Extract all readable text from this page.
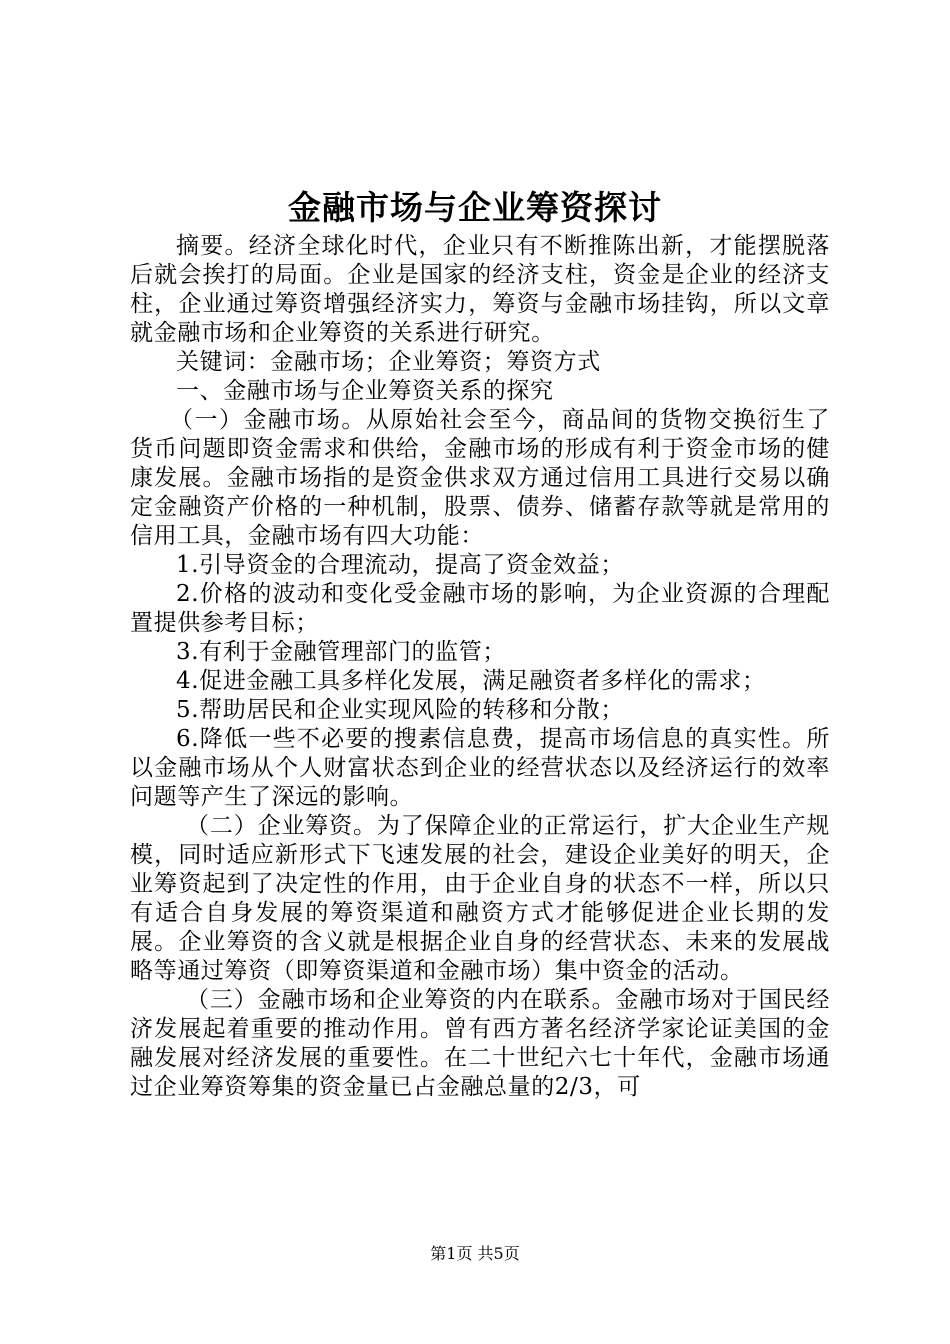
金融市场与企业筹资探讨

摘要。经济全球化时代，企业只有不断推陈出新，才能摆脱落后就会挨打的局面。企业是国家的经济支柱，资金是企业的经济支柱，企业通过筹资增强经济实力，筹资与金融市场挂钩，所以文章就金融市场和企业筹资的关系进行研究。

关键词：金融市场；企业筹资；筹资方式

一、金融市场与企业筹资关系的探究

（一）金融市场。从原始社会至今，商品间的货物交换衍生了货币问题即资金需求和供给，金融市场的形成有利于资金市场的健康发展。金融市场指的是资金供求双方通过信用工具进行交易以确定金融资产价格的一种机制，股票、债券、储蓄存款等就是常用的信用工具，金融市场有四大功能：

1.引导资金的合理流动，提高了资金效益；

2.价格的波动和变化受金融市场的影响，为企业资源的合理配置提供参考目标；

3.有利于金融管理部门的监管；

4.促进金融工具多样化发展，满足融资者多样化的需求；

5.帮助居民和企业实现风险的转移和分散；

6.降低一些不必要的搜素信息费，提高市场信息的真实性。所以金融市场从个人财富状态到企业的经营状态以及经济运行的效率问题等产生了深远的影响。

（二）企业筹资。为了保障企业的正常运行，扩大企业生产规模，同时适应新形式下飞速发展的社会，建设企业美好的明天，企业筹资起到了决定性的作用，由于企业自身的状态不一样，所以只有适合自身发展的筹资渠道和融资方式才能够促进企业长期的发展。企业筹资的含义就是根据企业自身的经营状态、未来的发展战略等通过筹资（即筹资渠道和金融市场）集中资金的活动。

（三）金融市场和企业筹资的内在联系。金融市场对于国民经济发展起着重要的推动作用。曾有西方著名经济学家论证美国的金融发展对经济发展的重要性。在二十世纪六七十年代，金融市场通过企业筹资筹集的资金量已占金融总量的2/3，可

第1页 共5页
